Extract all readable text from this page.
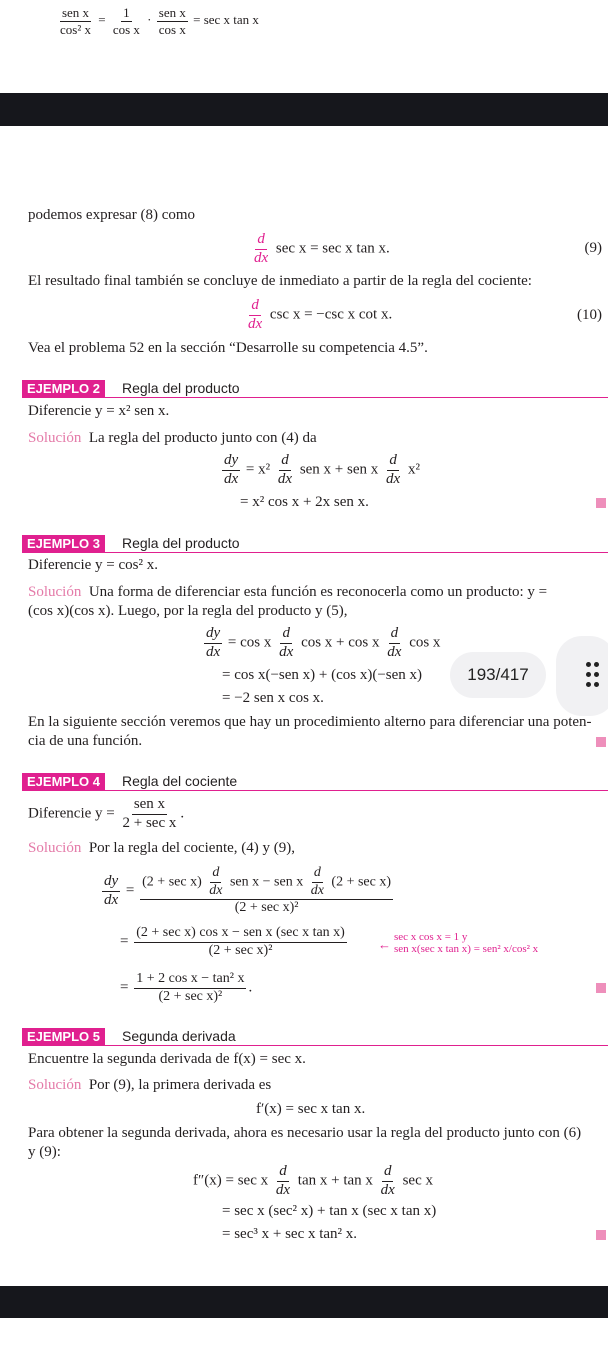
$\frac{\text{sen x}}{\text{cos² x}} = \frac{1}{\text{cos x}} \cdot \frac{\text{sen x}}{\text{cos x}} = \sec x$ tan x
podemos expresar (8) como
$\frac{d}{dx}$ sec x = sec x tan x.	(9)
El resultado final también se concluye de inmediato a partir de la regla del cociente:
$\frac{d}{dx}$ csc x = −csc x cot x.	(10)
Vea el problema 52 en la sección “Desarrolle su competencia 4.5”.
EJEMPLO 2	Regla del producto
Diferencie y = x² sen x.
Solución La regla del producto junto con (4) da
$\frac{dy}{dx} = x^2 \frac{d}{dx}$ sen x + sen x $\frac{d}{dx} x^2$
= x² cos x + 2x sen x.
EJEMPLO 3	Regla del producto
Diferencie y = cos² x.
Solución Una forma de diferenciar esta función es reconocerla como un producto: y =
(cos x)(cos x). Luego, por la regla del producto y (5),
$\frac{dy}{dx} = \cos x \frac{d}{dx}$ cos x + cos x $\frac{d}{dx}$ cos x
= cos x(−sen x) + (cos x)(−sen x)
= −2 sen x cos x.
En la siguiente sección veremos que hay un procedimiento alterno para diferenciar una poten-
cia de una función.
193/417
EJEMPLO 4	Regla del cociente
Diferencie $y = \frac{\text{sen x}}{\text{2 + sec x}}$ .
Solución Por la regla del cociente, (4) y (9),
$\frac{dy}{dx}$ =
$(2 + \sec x) \frac{d}{dx}$ sen x − sen x $\frac{d}{dx} (2 + \sec x)$
(2 + sec x)²
= $\frac{\text{(2 + sec x) cos x − sen x (sec x tan x)}}{\text{(2 + sec x)²}}$ ← sec x cos x = 1 y
sen x(sec x tan x) = sen² x/cos² x
= $\frac{\text{1 + 2 cos x − tan² x}}{\text{(2 + sec x)²}}$ .
EJEMPLO 5	Segunda derivada
Encuentre la segunda derivada de f(x) = sec x.
Solución Por (9), la primera derivada es
f′(x) = sec x tan x.
Para obtener la segunda derivada, ahora es necesario usar la regla del producto junto con (6)
y (9):
f″(x) = sec x $\frac{d}{dx}$ tan x + tan x $\frac{d}{dx}$ sec x
= sec x (sec² x) + tan x (sec x tan x)
= sec³ x + sec x tan² x.
